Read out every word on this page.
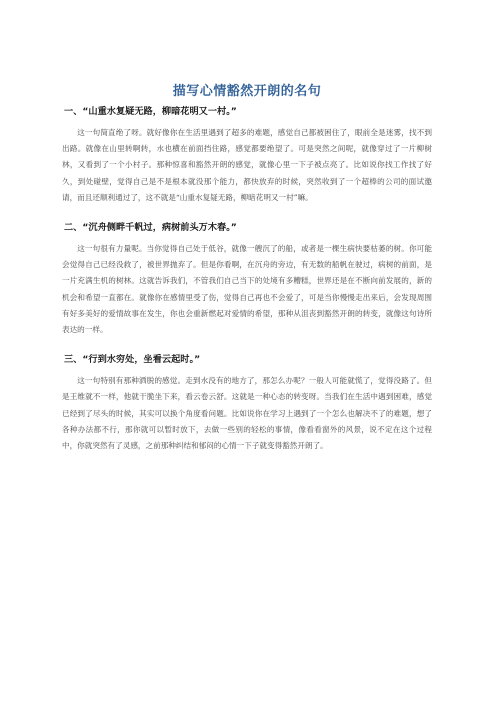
描写心情豁然开朗的名句
一、“山重水复疑无路，柳暗花明又一村。”

这一句简直绝了呀。就好像你在生活里遇到了超多的难题，感觉自己都被困住了，眼前全是迷雾，找不到出路。就像在山里转啊转，水也横在前面挡住路，感觉都要绝望了。可是突然之间呢，就像穿过了一片柳树林，又看到了一个小村子。那种惊喜和豁然开朗的感觉，就像心里一下子被点亮了。比如说你找工作找了好久，到处碰壁，觉得自己是不是根本就没那个能力，都快放弃的时候，突然收到了一个超棒的公司的面试邀请，而且还顺利通过了，这不就是“山重水复疑无路，柳暗花明又一村”嘛。

二、“沉舟侧畔千帆过，病树前头万木春。”

这一句很有力量呢。当你觉得自己处于低谷，就像一艘沉了的船，或者是一棵生病快要枯萎的树。你可能会觉得自己已经没救了，被世界抛弃了。但是你看啊，在沉舟的旁边，有无数的船帆在驶过，病树的前面，是一片充满生机的树林。这就告诉我们，不管我们自己当下的处境有多糟糕，世界还是在不断向前发展的，新的机会和希望一直都在。就像你在感情里受了伤，觉得自己再也不会爱了，可是当你慢慢走出来后，会发现周围有好多美好的爱情故事在发生，你也会重新燃起对爱情的希望，那种从沮丧到豁然开朗的转变，就像这句诗所表达的一样。

三、“行到水穷处，坐看云起时。”

这一句特别有那种洒脱的感觉。走到水没有的地方了，那怎么办呢？一般人可能就慌了，觉得没路了。但是王维就不一样，他就干脆坐下来，看云卷云舒。这就是一种心态的转变呀。当我们在生活中遇到困难，感觉已经到了尽头的时候，其实可以换个角度看问题。比如说你在学习上遇到了一个怎么也解决不了的难题，想了各种办法都不行，那你就可以暂时放下，去做一些别的轻松的事情，像看看窗外的风景，说不定在这个过程中，你就突然有了灵感，之前那种纠结和郁闷的心情一下子就变得豁然开朗了。
